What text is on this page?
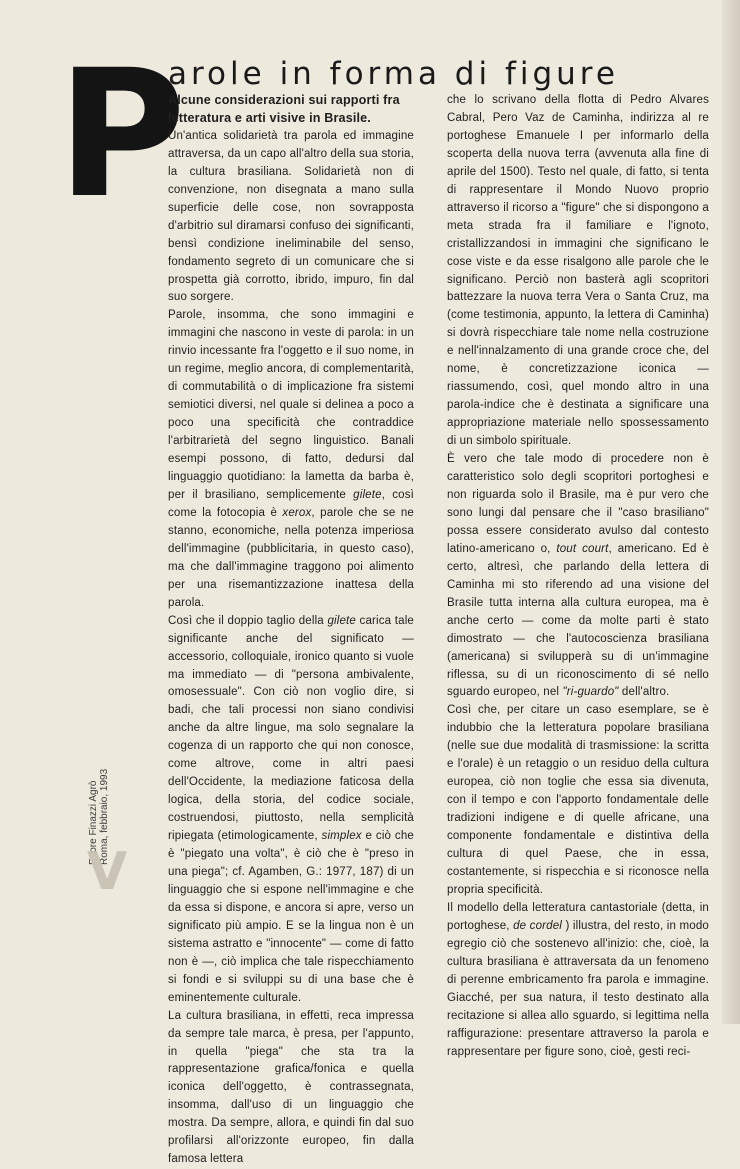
P
arole in forma di figure

Alcune considerazioni sui rapporti fra letteratura e arti visive in Brasile.

Un'antica solidarietà tra parola ed immagine attraversa, da un capo all'altro della sua storia, la cultura brasiliana. Solidarietà non di convenzione, non disegnata a mano sulla superficie delle cose, non sovrapposta d'arbitrio sul diramarsi confuso dei significanti, bensì condizione ineliminabile del senso, fondamento segreto di un comunicare che si prospetta già corrotto, ibrido, impuro, fin dal suo sorgere.

Parole, insomma, che sono immagini e immagini che nascono in veste di parola: in un rinvio incessante fra l'oggetto e il suo nome, in un regime, meglio ancora, di complementarità, di commutabilità o di implicazione fra sistemi semiotici diversi, nel quale si delinea a poco a poco una specificità che contraddice l'arbitrarietà del segno linguistico. Banali esempi possono, di fatto, dedursi dal linguaggio quotidiano: la lametta da barba è, per il brasiliano, semplicemente gilete, così come la fotocopia è xerox, parole che se ne stanno, economiche, nella potenza imperiosa dell'immagine (pubblicitaria, in questo caso), ma che dall'immagine traggono poi alimento per una risemantizzazione inattesa della parola.

Così che il doppio taglio della gilete carica tale significante anche del significato — accessorio, colloquiale, ironico quanto si vuole ma immediato — di "persona ambivalente, omosessuale". Con ciò non voglio dire, si badi, che tali processi non siano condivisi anche da altre lingue, ma solo segnalare la cogenza di un rapporto che qui non conosce, come altrove, come in altri paesi dell'Occidente, la mediazione faticosa della logica, della storia, del codice sociale, costruendosi, piuttosto, nella semplicità ripiegata (etimologicamente, simplex e ciò che è "piegato una volta", è ciò che è "preso in una piega"; cf. Agamben, G.: 1977, 187) di un linguaggio che si espone nell'immagine e che da essa si dispone, e ancora si apre, verso un significato più ampio. E se la lingua non è un sistema astratto e "innocente" — come di fatto non è —, ciò implica che tale rispecchiamento si fondi e si sviluppi su di una base che è eminentemente culturale.

La cultura brasiliana, in effetti, reca impressa da sempre tale marca, è presa, per l'appunto, in quella "piega" che sta tra la rappresentazione grafica/fonica e quella iconica dell'oggetto, è contrassegnata, insomma, dall'uso di un linguaggio che mostra. Da sempre, allora, e quindi fin dal suo profilarsi all'orizzonte europeo, fin dalla famosa lettera

che lo scrivano della flotta di Pedro Alvares Cabral, Pero Vaz de Caminha, indirizza al re portoghese Emanuele I per informarlo della scoperta della nuova terra (avvenuta alla fine di aprile del 1500). Testo nel quale, di fatto, si tenta di rappresentare il Mondo Nuovo proprio attraverso il ricorso a "figure" che si dispongono a meta strada fra il familiare e l'ignoto, cristallizzandosi in immagini che significano le cose viste e da esse risalgono alle parole che le significano. Perciò non basterà agli scopritori battezzare la nuova terra Vera o Santa Cruz, ma (come testimonia, appunto, la lettera di Caminha) si dovrà rispecchiare tale nome nella costruzione e nell'innalzamento di una grande croce che, del nome, è concretizzazione iconica — riassumendo, così, quel mondo altro in una parola-indice che è destinata a significare una appropriazione materiale nello spossessamento di un simbolo spirituale.

È vero che tale modo di procedere non è caratteristico solo degli scopritori portoghesi e non riguarda solo il Brasile, ma è pur vero che sono lungi dal pensare che il "caso brasiliano" possa essere considerato avulso dal contesto latino-americano o, tout court, americano. Ed è certo, altresì, che parlando della lettera di Caminha mi sto riferendo ad una visione del Brasile tutta interna alla cultura europea, ma è anche certo — come da molte parti è stato dimostrato — che l'autocoscienza brasiliana (americana) si svilupperà su di un'immagine riflessa, su di un riconoscimento di sé nello sguardo europeo, nel "ri-guardo" dell'altro.

Così che, per citare un caso esemplare, se è indubbio che la letteratura popolare brasiliana (nelle sue due modalità di trasmissione: la scritta e l'orale) è un retaggio o un residuo della cultura europea, ciò non toglie che essa sia divenuta, con il tempo e con l'apporto fondamentale delle tradizioni indigene e di quelle africane, una componente fondamentale e distintiva della cultura di quel Paese, che in essa, costantemente, si rispecchia e si riconosce nella propria specificità.

Il modello della letteratura cantastoriale (detta, in portoghese, de cordel ) illustra, del resto, in modo egregio ciò che sostenevo all'inizio: che, cioè, la cultura brasiliana è attraversata da un fenomeno di perenne embricamento fra parola e immagine. Giacché, per sua natura, il testo destinato alla recitazione si allea allo sguardo, si legittima nella raffigurazione: presentare attraverso la parola e rappresentare per figure sono, cioè, gesti reci-

Ettore Finazzi Agrò Roma, febbraio, 1993
V
